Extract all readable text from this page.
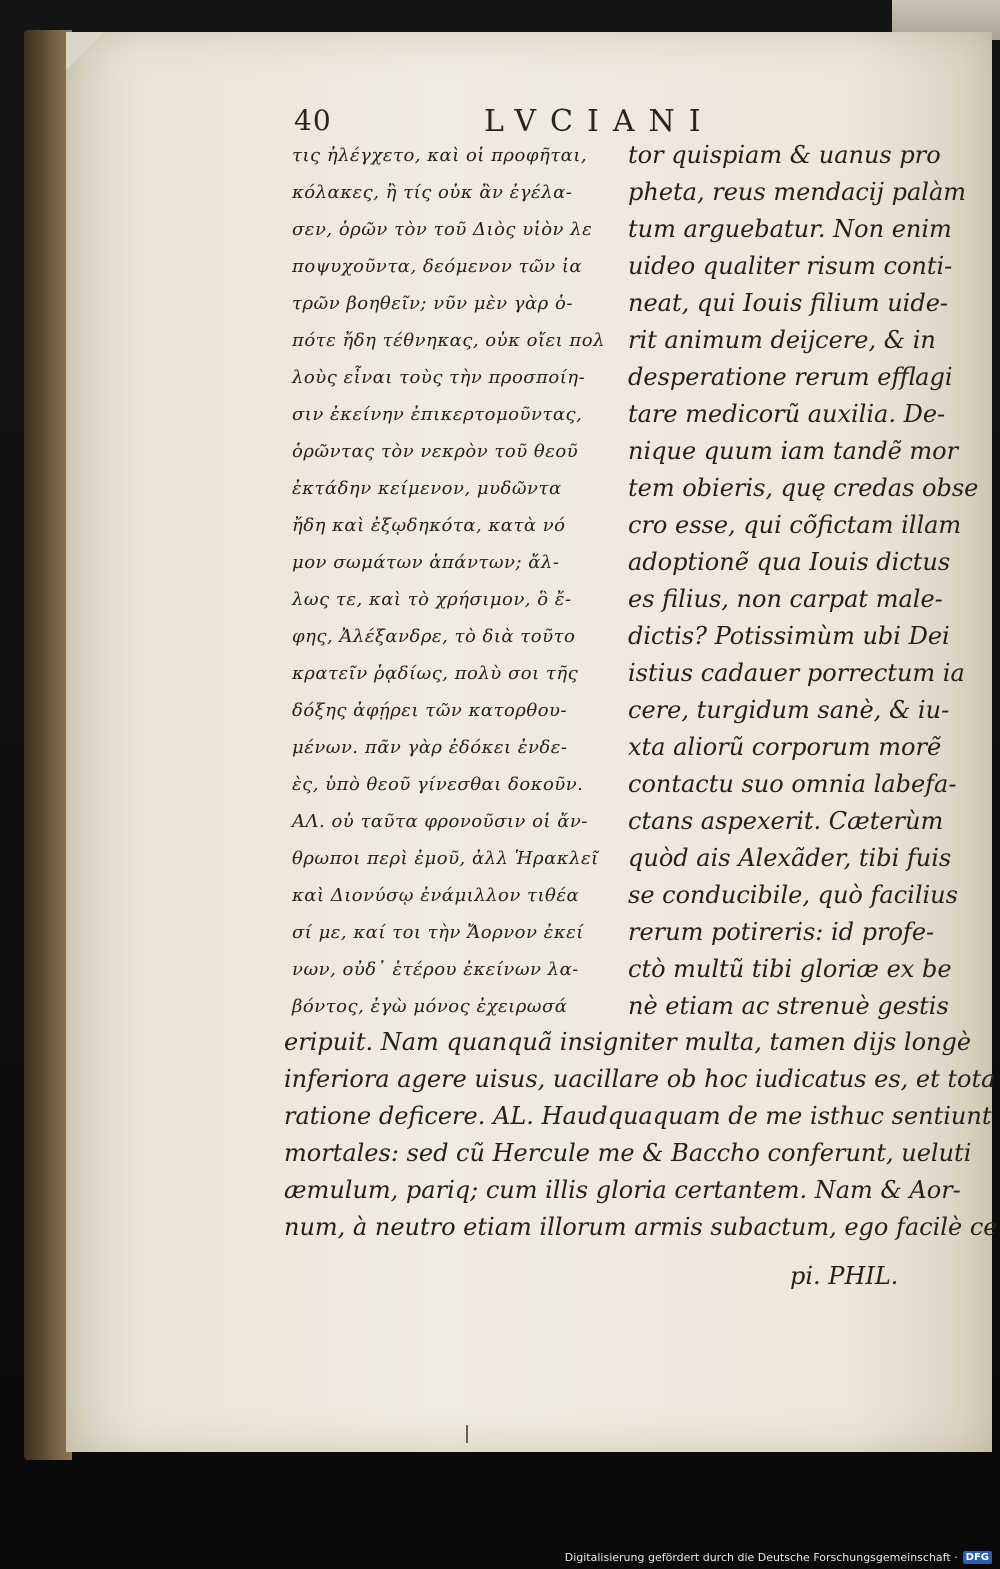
40	LVCIANI
τις ἠλέγχετο, καὶ οἱ προφῆται,
κόλακες, ἢ τίς οὐκ ἂν ἐγέλα-
σεν, ὁρῶν τὸν τοῦ Διὸς υἱὸν λε
ποψυχοῦντα, δεόμενον τῶν ἰα
τρῶν βοηθεῖν; νῦν μὲν γὰρ ὁ-
πότε ἤδη τέθνηκας, οὐκ οἴει πολ
λοὺς εἶναι τοὺς τὴν προσποίη-
σιν ἐκείνην ἐπικερτομοῦντας,
ὁρῶντας τὸν νεκρὸν τοῦ θεοῦ
ἐκτάδην κείμενον, μυδῶντα
ἤδη καὶ ἐξῳδηκότα, κατὰ νό
μον σωμάτων ἁπάντων; ἄλ-
λως τε, καὶ τὸ χρήσιμον, ὃ ἔ-
φης, Ἀλέξανδρε, τὸ διὰ τοῦτο
κρατεῖν ῥᾳδίως, πολὺ σοι τῆς
δόξης ἀφῄρει τῶν κατορθου-
μένων. πᾶν γὰρ ἐδόκει ἐνδε-
ὲς, ὑπὸ θεοῦ γίνεσθαι δοκοῦν.
ΑΛ. οὐ ταῦτα φρονοῦσιν οἱ ἄν-
θρωποι περὶ ἐμοῦ, ἀλλ Ἡρακλεῖ
καὶ Διονύσῳ ἐνάμιλλον τιθέα
σί με, καί τοι τὴν Ἄορνον ἐκεί
νων, οὐδ᾽ ἑτέρου ἐκείνων λα-
βόντος, ἐγὼ μόνος ἐχειρωσά
tor quispiam & uanus pro
pheta, reus mendacij palàm
tum arguebatur. Non enim
uideo qualiter risum conti-
neat, qui Iouis filium uide-
rit animum deijcere, & in
desperatione rerum efflagi
tare medicorũ auxilia. De-
nique quum iam tandẽ mor
tem obieris, quę credas obse
cro esse, qui cõfictam illam
adoptionẽ qua Iouis dictus
es filius, non carpat male-
dictis? Potissimùm ubi Dei
istius cadauer porrectum ia
cere, turgidum sanè, & iu-
xta aliorũ corporum morẽ
contactu suo omnia labefa-
ctans aspexerit. Cæterùm
quòd ais Alexãder, tibi fuis
se conducibile, quò facilius
rerum potireris: id profe-
ctò multũ tibi gloriæ ex be
nè etiam ac strenuè gestis
eripuit. Nam quanquã insigniter multa, tamen dijs longè
inferiora agere uisus, uacillare ob hoc iudicatus es, et tota
ratione deficere. AL. Haudquaquam de me isthuc sentiunt
mortales: sed cũ Hercule me & Baccho conferunt, ueluti
æmulum, pariq; cum illis gloria certantem. Nam & Aor-
num, à neutro etiam illorum armis subactum, ego facilè ce
pi. PHIL.
Digitalisierung gefördert durch die Deutsche Forschungsgemeinschaft · DFG
